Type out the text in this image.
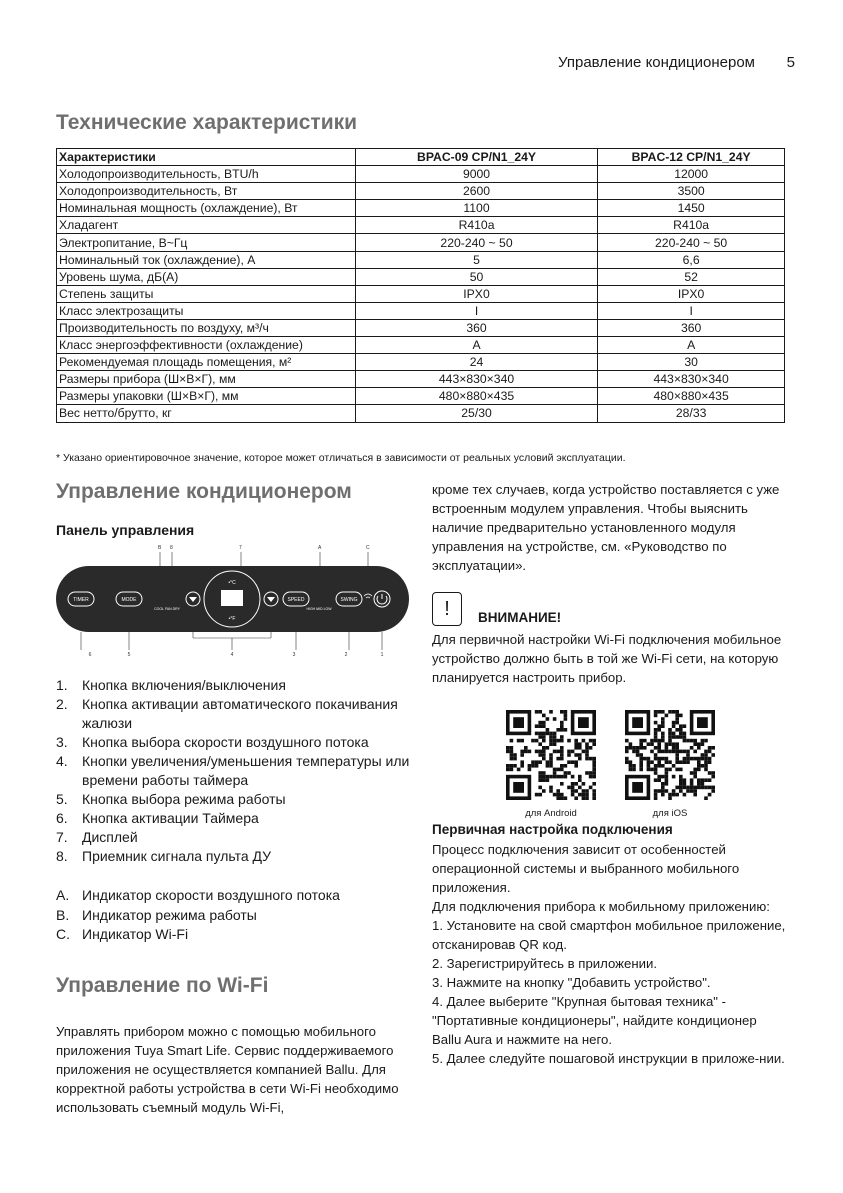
Управление кондиционером 5
Технические характеристики
Характеристики	BPAC-09 CP/N1_24Y	BPAC-12 CP/N1_24Y
Холодопроизводительность, BTU/h	9000	12000
Холодопроизводительность, Вт	2600	3500
Номинальная мощность (охлаждение), Вт	1100	1450
Хладагент	R410a	R410a
Электропитание, В~Гц	220-240 ~ 50	220-240 ~ 50
Номинальный ток (охлаждение), А	5	6,6
Уровень шума, дБ(А)	50	52
Степень защиты	IPX0	IPX0
Класс электрозащиты	I	I
Производительность по воздуху, м³/ч	360	360
Класс энергоэффективности (охлаждение)	A	A
Рекомендуемая площадь помещения, м²	24	30
Размеры прибора (Ш×В×Г), мм	443×830×340	443×830×340
Размеры упаковки (Ш×В×Г), мм	480×880×435	480×880×435
Вес нетто/брутто, кг	25/30	28/33
* Указано ориентировочное значение, которое может отличаться в зависимости от реальных условий эксплуатации.
Управление кондиционером
Панель управления
B 8	7	A	C
TIMER	MODE	SPEED	SWING
COOL FAN DRY	HIGH MID LOW
•°C
•°F
6	5	4	3	2	1
1.	Кнопка включения/выключения
2.	Кнопка активации автоматического покачивания жалюзи
3.	Кнопка выбора скорости воздушного потока
4.	Кнопки увеличения/уменьшения температуры или времени работы таймера
5.	Кнопка выбора режима работы
6.	Кнопка активации Таймера
7.	Дисплей
8.	Приемник сигнала пульта ДУ
A. Индикатор скорости воздушного потока
B. Индикатор режима работы
C. Индикатор Wi-Fi
Управление по Wi-Fi
Управлять прибором можно с помощью мобильного приложения Tuya Smart Life. Сервис поддерживаемого приложения не осуществляется компанией Ballu. Для корректной работы устройства в сети Wi-Fi необходимо использовать съемный модуль Wi-Fi,
кроме тех случаев, когда устройство поставляется с уже встроенным модулем управления. Чтобы выяснить наличие предварительно установленного модуля управления на устройстве, см. «Руководство по эксплуатации».
!	ВНИМАНИЕ!
Для первичной настройки Wi-Fi подключения мобильное устройство должно быть в той же Wi-Fi сети, на которую планируется настроить прибор.
для Android	для iOS
Первичная настройка подключения
Процесс подключения зависит от особенностей операционной системы и выбранного мобильного приложения.
Для подключения прибора к мобильному приложению:
1. Установите на свой смартфон мобильное приложение, отсканировав QR код.
2. Зарегистрируйтесь в приложении.
3. Нажмите на кнопку "Добавить устройство".
4. Далее выберите "Крупная бытовая техника" - "Портативные кондиционеры", найдите кондиционер Ballu Aura и нажмите на него.
5. Далее следуйте пошаговой инструкции в приложе-нии.
